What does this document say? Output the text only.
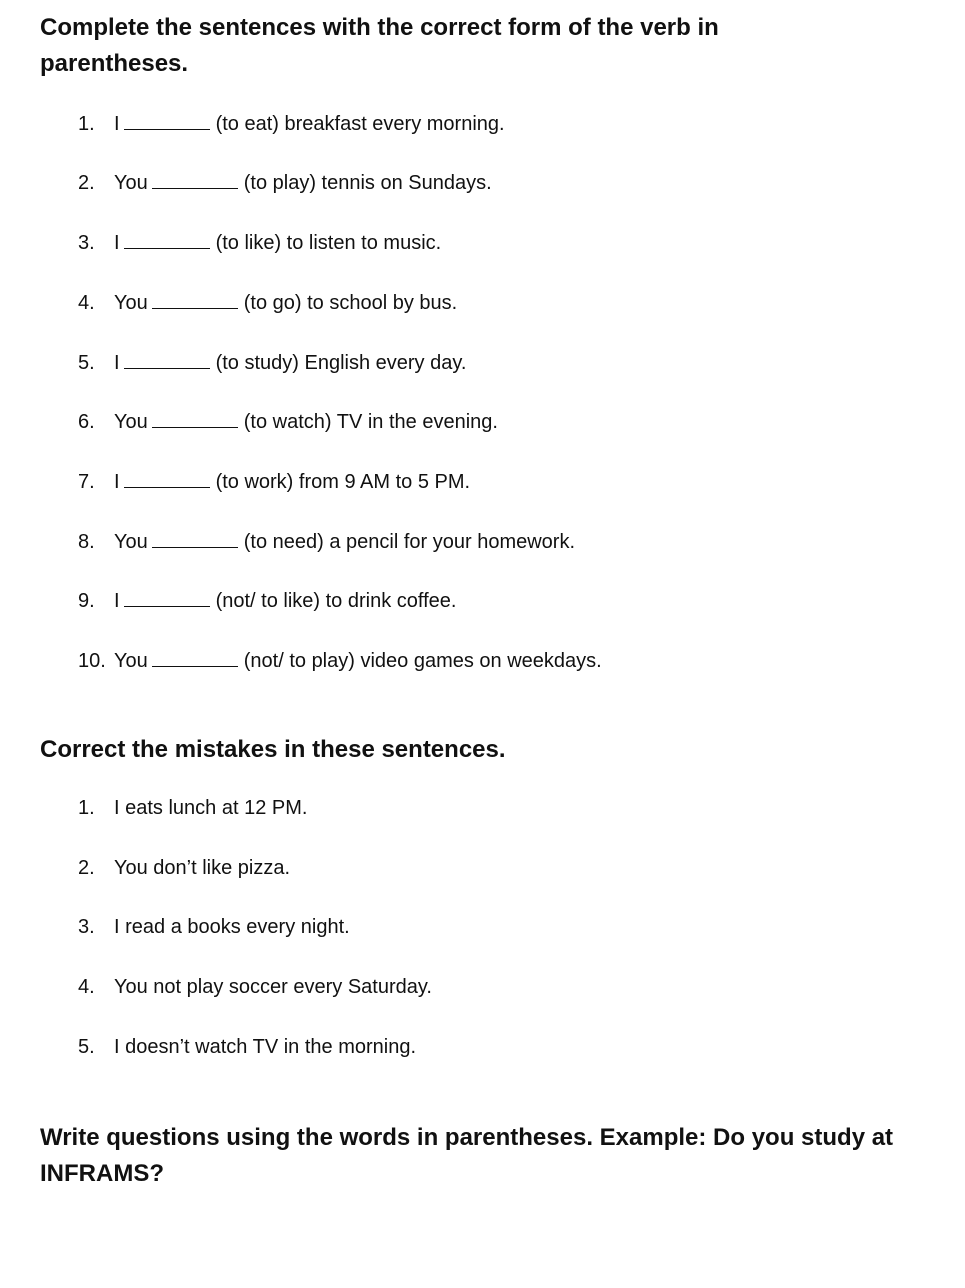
Complete the sentences with the correct form of the verb in parentheses.
1. I	(to eat) breakfast every morning.
2. You	(to play) tennis on Sundays.
3. I	(to like) to listen to music.
4. You	(to go) to school by bus.
5. I	(to study) English every day.
6. You	(to watch) TV in the evening.
7. I	(to work) from 9 AM to 5 PM.
8. You	(to need) a pencil for your homework.
9. I	(not/ to like) to drink coffee.
10. You	(not/ to play) video games on weekdays.
Correct the mistakes in these sentences.
1. I eats lunch at 12 PM.
2. You don’t like pizza.
3. I read a books every night.
4. You not play soccer every Saturday.
5. I doesn’t watch TV in the morning.
Write questions using the words in parentheses. Example: Do you study at INFRAMS?
